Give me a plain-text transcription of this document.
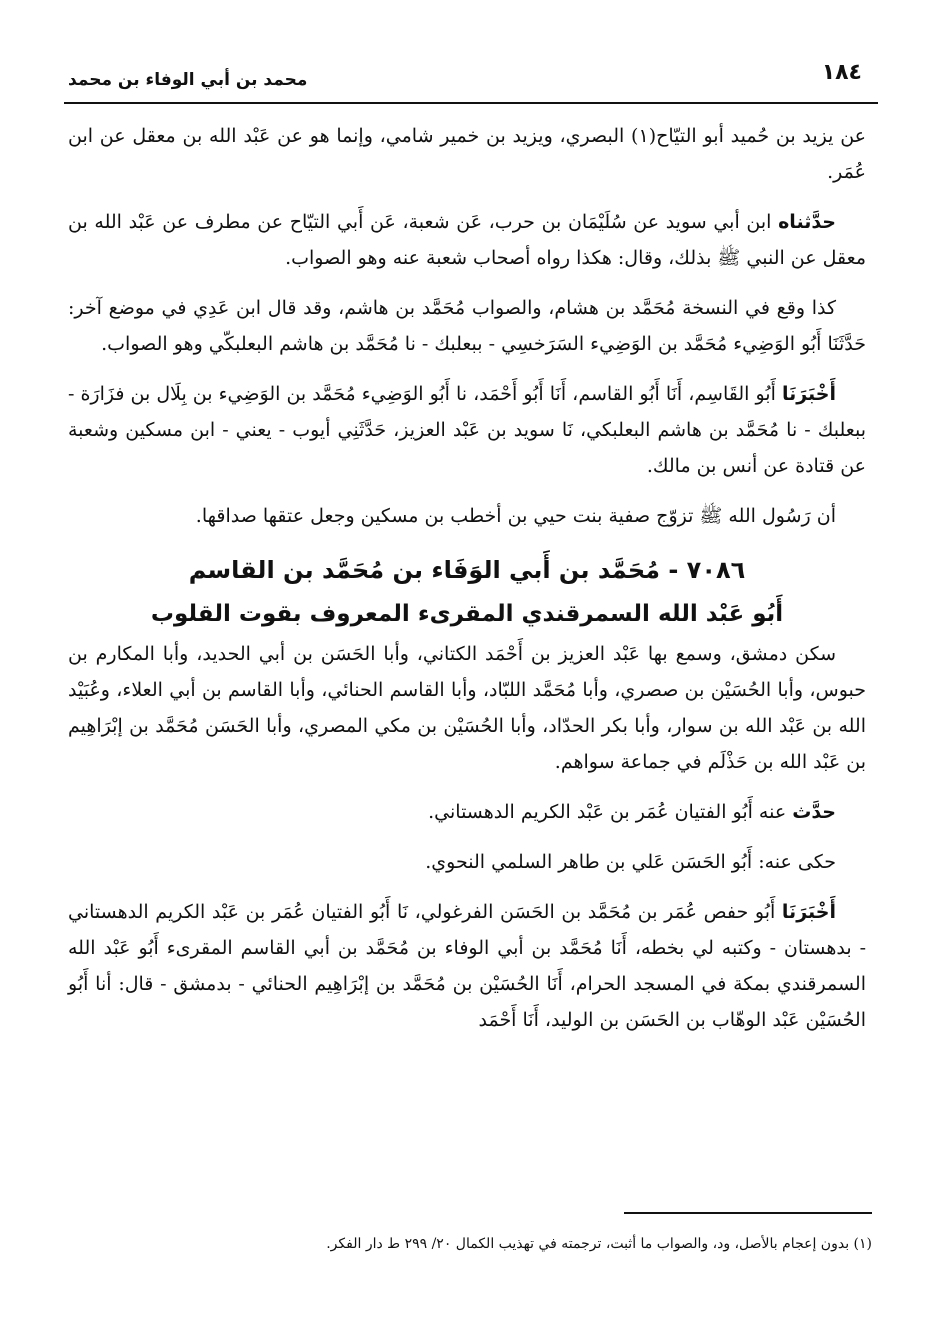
١٨٤
محمد بن أبي الوفاء بن محمد

عن يزيد بن حُميد أبو التيّاح(١) البصري، ويزيد بن خمير شامي، وإنما هو عن عَبْد الله بن معقل عن ابن عُمَر.

حدَّثناه ابن أبي سويد عن سُلَيْمَان بن حرب، عَن شعبة، عَن أَبي التيّاح عن مطرف عن عَبْد الله بن معقل عن النبي ﷺ بذلك، وقال: هكذا رواه أصحاب شعبة عنه وهو الصواب.

كذا وقع في النسخة مُحَمَّد بن هشام، والصواب مُحَمَّد بن هاشم، وقد قال ابن عَدِي في موضع آخر: حَدَّثَنَا أَبُو الوَضِيء مُحَمَّد بن الوَضِيء السَرَخسِي - ببعلبك - نا مُحَمَّد بن هاشم البعلبكّي وهو الصواب.

أَخْبَرَنَا أَبُو القَاسِم، أَنَا أَبُو القاسم، أَنَا أَبُو أَحْمَد، نا أَبُو الوَضِيء مُحَمَّد بن الوَضِيء بن بِلَال بن فزَارَة - ببعلبك - نا مُحَمَّد بن هاشم البعلبكي، نَا سويد بن عَبْد العزيز، حَدَّثَنِي أيوب - يعني - ابن مسكين وشعبة عن قتادة عن أنس بن مالك.

أن رَسُول الله ﷺ تزوّج صفية بنت حيي بن أخطب بن مسكين وجعل عتقها صداقها.

٧٠٨٦ - مُحَمَّد بن أَبي الوَفَاء بن مُحَمَّد بن القاسم
أَبُو عَبْد الله السمرقندي المقرىء المعروف بقوت القلوب

سكن دمشق، وسمع بها عَبْد العزيز بن أَحْمَد الكتاني، وأبا الحَسَن بن أبي الحديد، وأبا المكارم بن حبوس، وأبا الحُسَيْن بن صصري، وأبا مُحَمَّد اللبّاد، وأبا القاسم الحنائي، وأبا القاسم بن أبي العلاء، وعُبَيْد الله بن عَبْد الله بن سوار، وأبا بكر الحدّاد، وأبا الحُسَيْن بن مكي المصري، وأبا الحَسَن مُحَمَّد بن إبْرَاهِيم بن عَبْد الله بن حَذْلَم في جماعة سواهم.

حدَّث عنه أَبُو الفتيان عُمَر بن عَبْد الكريم الدهستاني.

حكى عنه: أَبُو الحَسَن عَلي بن طاهر السلمي النحوي.

أَخْبَرَنَا أَبُو حفص عُمَر بن مُحَمَّد بن الحَسَن الفرغولي، نَا أَبُو الفتيان عُمَر بن عَبْد الكريم الدهستاني - بدهستان - وكتبه لي بخطه، أَنَا مُحَمَّد بن أبي الوفاء بن مُحَمَّد بن أبي القاسم المقرىء أَبُو عَبْد الله السمرقندي بمكة في المسجد الحرام، أَنَا الحُسَيْن بن مُحَمَّد بن إبْرَاهِيم الحنائي - بدمشق - قال: أنا أَبُو الحُسَيْن عَبْد الوهّاب بن الحَسَن بن الوليد، أَنَا أَحْمَد

(١) بدون إعجام بالأصل، ود، والصواب ما أثبت، ترجمته في تهذيب الكمال ٢٠/ ٢٩٩ ط دار الفكر.
